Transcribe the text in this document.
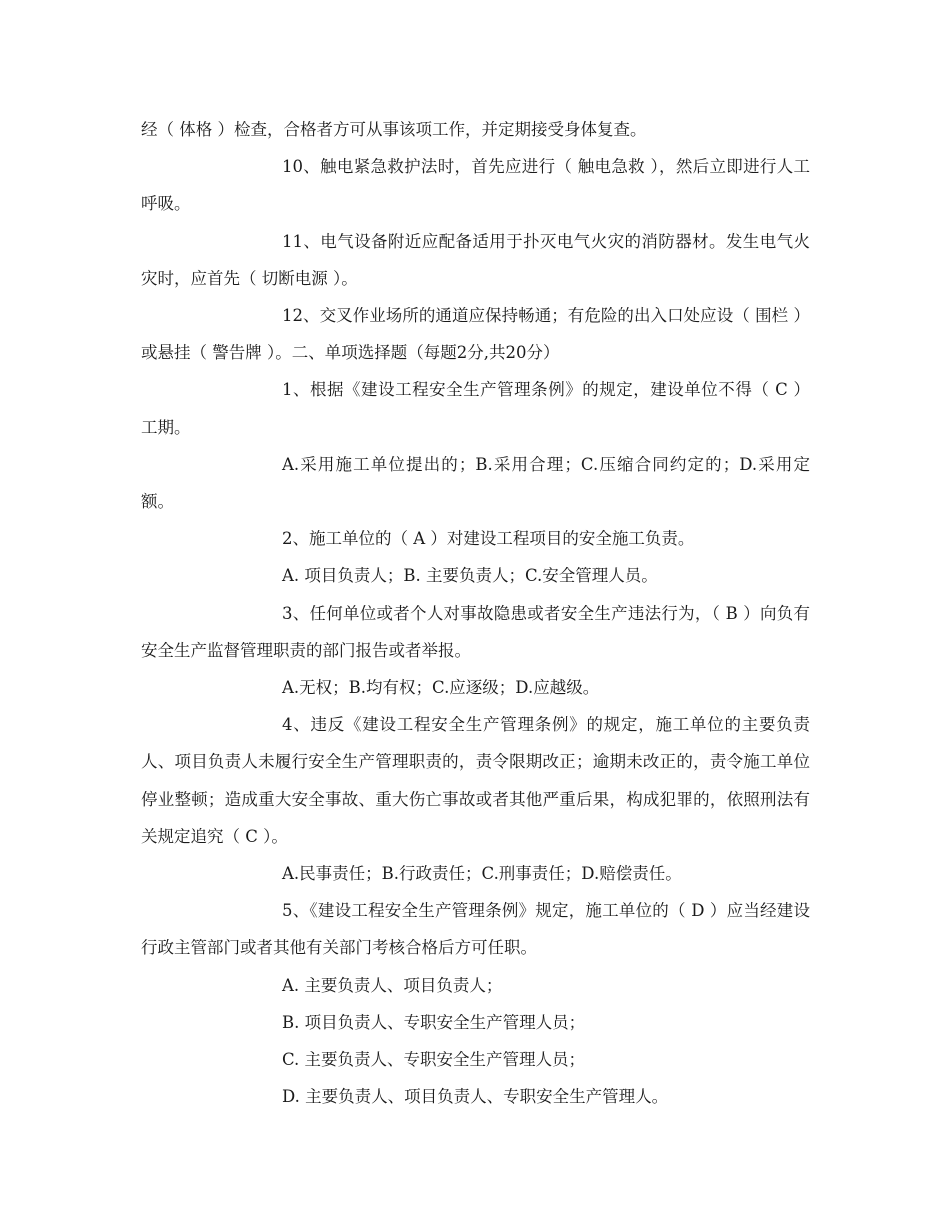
经（ 体格 ）检查，合格者方可从事该项工作，并定期接受身体复查。

10、触电紧急救护法时，首先应进行（ 触电急救 ），然后立即进行人工呼吸。

11、电气设备附近应配备适用于扑灭电气火灾的消防器材。发生电气火灾时，应首先（ 切断电源 ）。

12、交叉作业场所的通道应保持畅通；有危险的出入口处应设（ 围栏 ）或悬挂（ 警告牌 ）。二、单项选择题（每题2分,共20分）

1、根据《建设工程安全生产管理条例》的规定，建设单位不得（ C ）工期。

A.采用施工单位提出的；B.采用合理；C.压缩合同约定的；D.采用定额。

2、施工单位的（ A ）对建设工程项目的安全施工负责。

A. 项目负责人；B. 主要负责人；C.安全管理人员。

3、任何单位或者个人对事故隐患或者安全生产违法行为，（ B ）向负有安全生产监督管理职责的部门报告或者举报。

A.无权；B.均有权；C.应逐级；D.应越级。

4、违反《建设工程安全生产管理条例》的规定，施工单位的主要负责人、项目负责人未履行安全生产管理职责的，责令限期改正；逾期未改正的，责令施工单位停业整顿；造成重大安全事故、重大伤亡事故或者其他严重后果，构成犯罪的，依照刑法有关规定追究（ C ）。

A.民事责任；B.行政责任；C.刑事责任；D.赔偿责任。

5、《建设工程安全生产管理条例》规定，施工单位的（ D ）应当经建设行政主管部门或者其他有关部门考核合格后方可任职。

A. 主要负责人、项目负责人；

B. 项目负责人、专职安全生产管理人员；

C. 主要负责人、专职安全生产管理人员；

D. 主要负责人、项目负责人、专职安全生产管理人。
